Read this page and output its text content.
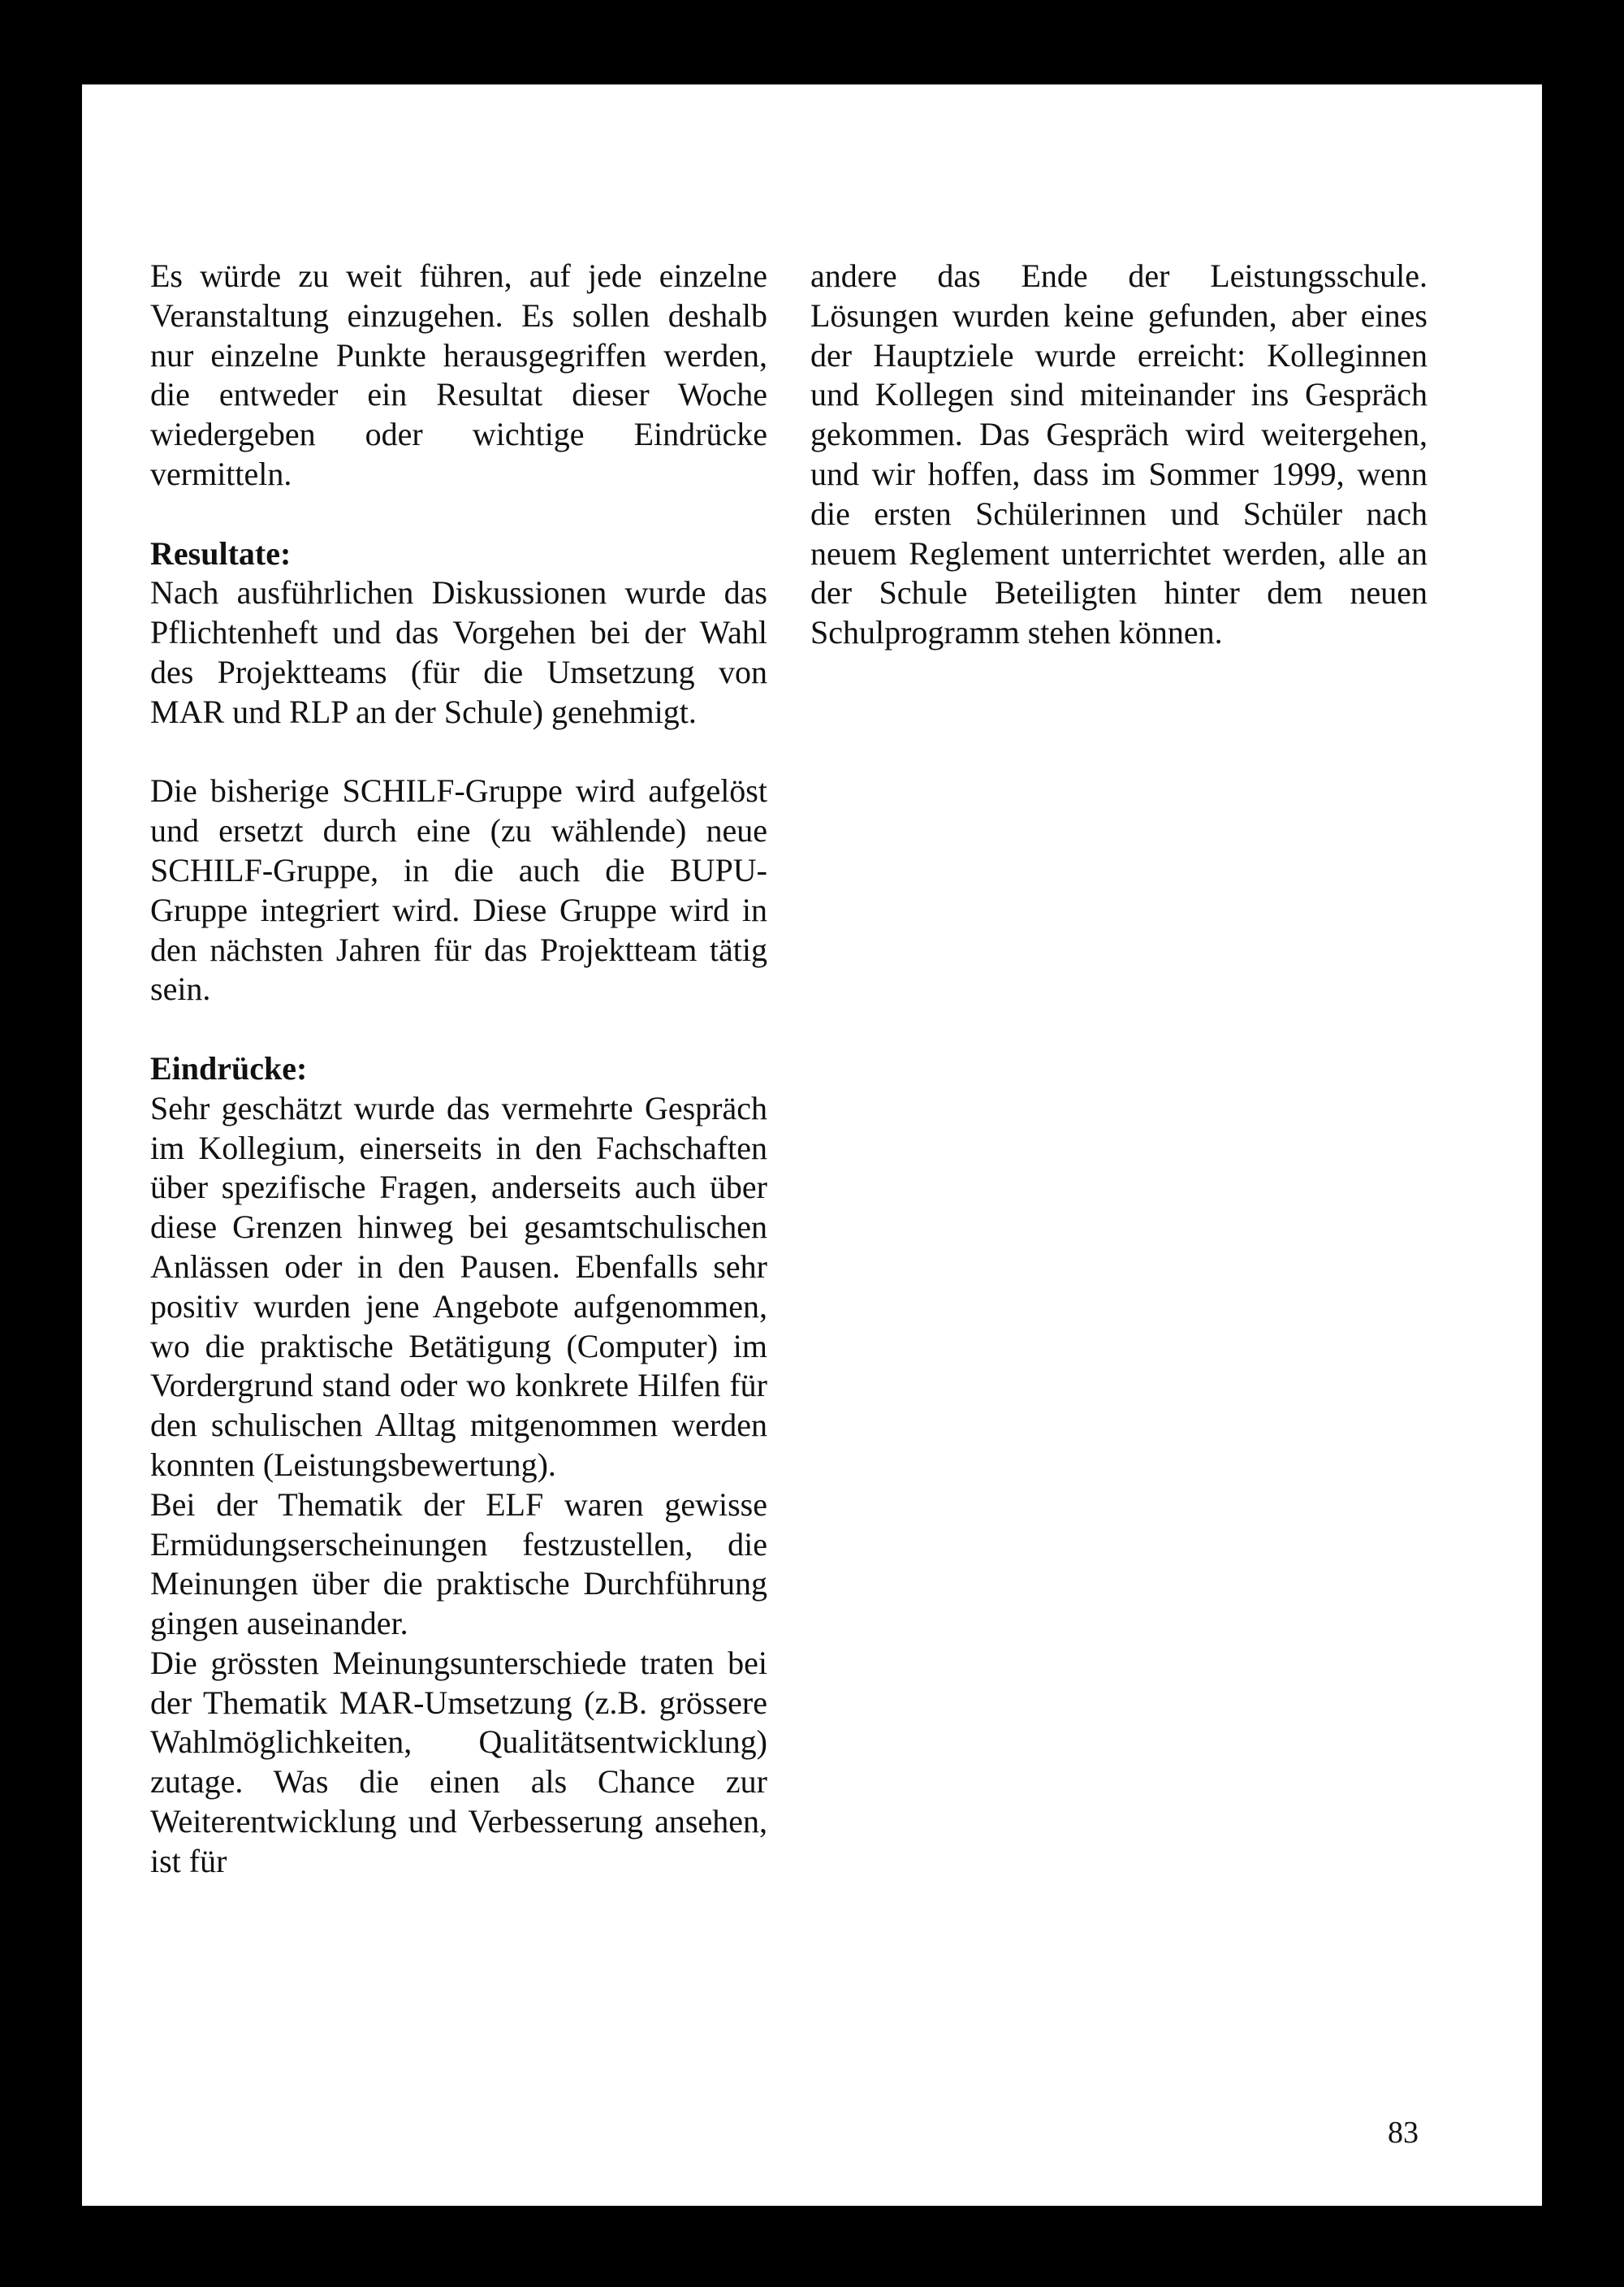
Es würde zu weit führen, auf jede einzelne Veranstaltung einzugehen. Es sollen deshalb nur einzelne Punkte herausgegriffen werden, die entweder ein Resultat dieser Woche wiedergeben oder wichtige Eindrücke vermitteln.

Resultate:

Nach ausführlichen Diskussionen wurde das Pflichtenheft und das Vorgehen bei der Wahl des Projektteams (für die Umsetzung von MAR und RLP an der Schule) genehmigt.

Die bisherige SCHILF-Gruppe wird aufgelöst und ersetzt durch eine (zu wählende) neue SCHILF-Gruppe, in die auch die BUPU-Gruppe integriert wird. Diese Gruppe wird in den nächsten Jahren für das Projektteam tätig sein.

Eindrücke:

Sehr geschätzt wurde das vermehrte Gespräch im Kollegium, einerseits in den Fachschaften über spezifische Fragen, anderseits auch über diese Grenzen hinweg bei gesamtschulischen Anlässen oder in den Pausen. Ebenfalls sehr positiv wurden jene Angebote aufgenommen, wo die praktische Betätigung (Computer) im Vordergrund stand oder wo konkrete Hilfen für den schulischen Alltag mitgenommen werden konnten (Leistungsbewertung).

Bei der Thematik der ELF waren gewisse Ermüdungserscheinungen festzustellen, die Meinungen über die praktische Durchführung gingen auseinander.

Die grössten Meinungsunterschiede traten bei der Thematik MAR-Umsetzung (z.B. grössere Wahlmöglichkeiten, Qualitätsentwicklung) zutage. Was die einen als Chance zur Weiterentwicklung und Verbesserung ansehen, ist für

andere das Ende der Leistungsschule. Lösungen wurden keine gefunden, aber eines der Hauptziele wurde erreicht: Kolleginnen und Kollegen sind miteinander ins Gespräch gekommen. Das Gespräch wird weitergehen, und wir hoffen, dass im Sommer 1999, wenn die ersten Schülerinnen und Schüler nach neuem Reglement unterrichtet werden, alle an der Schule Beteiligten hinter dem neuen Schulprogramm stehen können.

83
